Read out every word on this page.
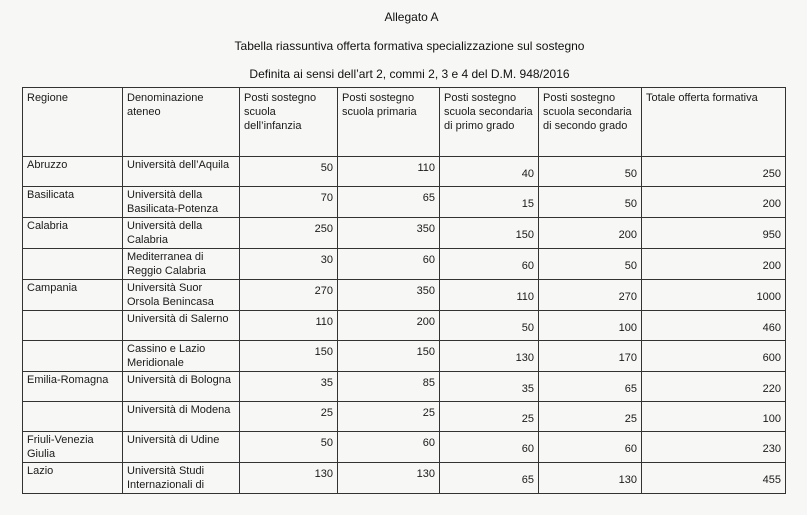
Allegato A
Tabella riassuntiva offerta formativa specializzazione sul sostegno
Definita ai sensi dell’art 2, commi 2, 3 e 4 del D.M. 948/2016
Regione	Denominazione ateneo	Posti sostegno scuola dell’infanzia	Posti sostegno scuola primaria	Posti sostegno scuola secondaria di primo grado	Posti sostegno scuola secondaria di secondo grado	Totale offerta formativa
Abruzzo	Università dell’Aquila	50	110	40	50	250
Basilicata	Università della Basilicata-Potenza	70	65	15	50	200
Calabria	Università della Calabria	250	350	150	200	950
	Mediterranea di Reggio Calabria	30	60	60	50	200
Campania	Università Suor Orsola Benincasa	270	350	110	270	1000
	Università di Salerno	110	200	50	100	460
	Cassino e Lazio Meridionale	150	150	130	170	600
Emilia-Romagna	Università di Bologna	35	85	35	65	220
	Università di Modena	25	25	25	25	100
Friuli-Venezia Giulia	Università di Udine	50	60	60	60	230
Lazio	Università Studi Internazionali di	130	130	65	130	455
